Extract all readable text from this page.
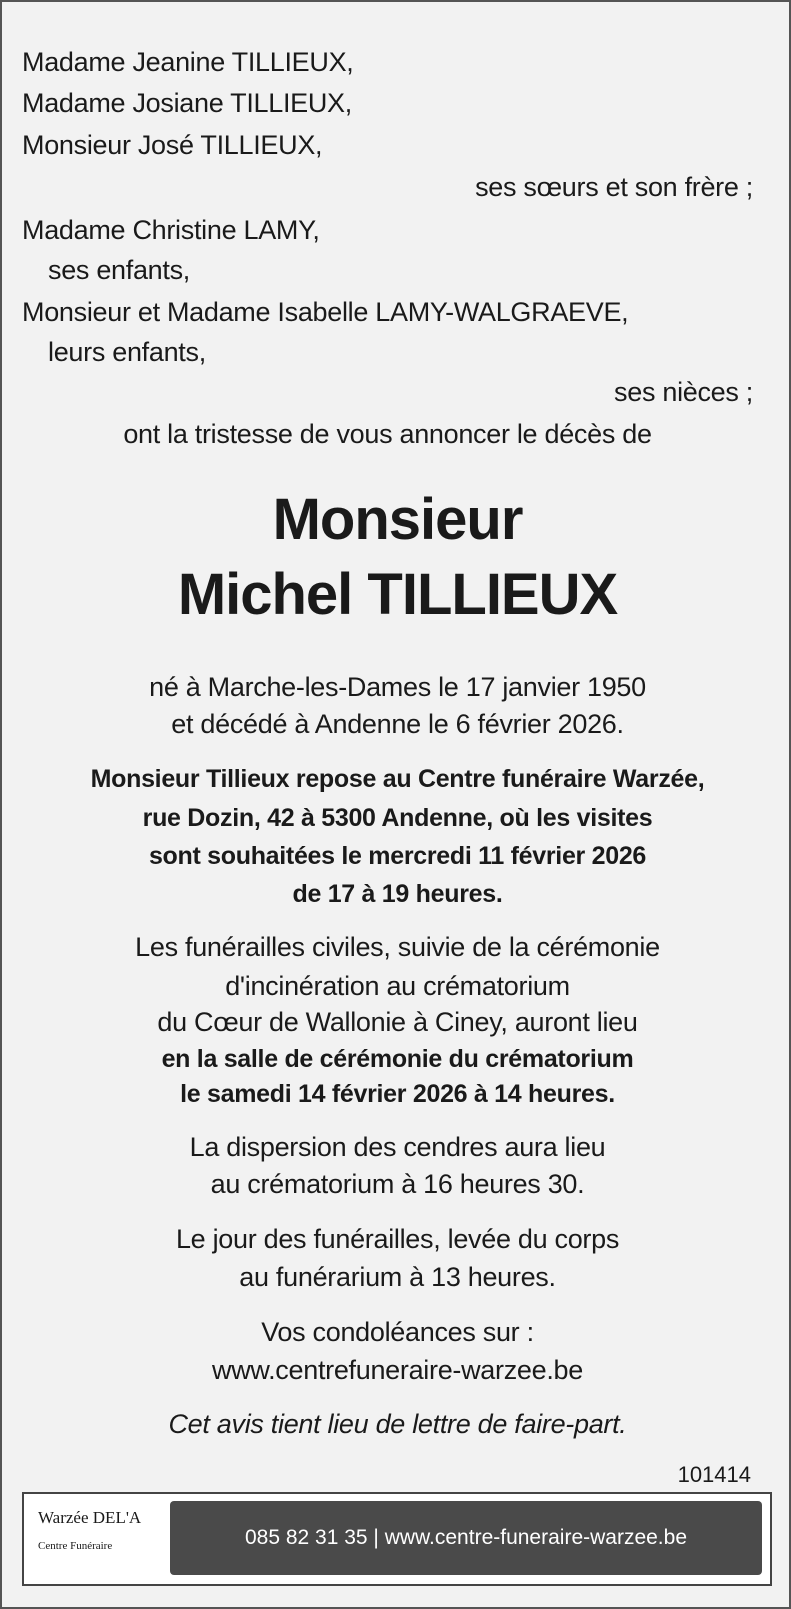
Madame Jeanine TILLIEUX,
Madame Josiane TILLIEUX,
Monsieur José TILLIEUX,
ses sœurs et son frère ;
Madame Christine LAMY,
ses enfants,
Monsieur et Madame Isabelle LAMY-WALGRAEVE,
leurs enfants,
ses nièces ;
ont la tristesse de vous annoncer le décès de
Monsieur
Michel TILLIEUX
né à Marche-les-Dames le 17 janvier 1950
et décédé à Andenne le 6 février 2026.
Monsieur Tillieux repose au Centre funéraire Warzée,
rue Dozin, 42 à 5300 Andenne, où les visites
sont souhaitées le mercredi 11 février 2026
de 17 à 19 heures.
Les funérailles civiles, suivie de la cérémonie
d'incinération au crématorium
du Cœur de Wallonie à Ciney, auront lieu
en la salle de cérémonie du crématorium
le samedi 14 février 2026 à 14 heures.
La dispersion des cendres aura lieu
au crématorium à 16 heures 30.
Le jour des funérailles, levée du corps
au funérarium à 13 heures.
Vos condoléances sur :
www.centrefuneraire-warzee.be
Cet avis tient lieu de lettre de faire-part.
101414
Warzée DEL'A
Centre Funéraire	085 82 31 35 | www.centre-funeraire-warzee.be
